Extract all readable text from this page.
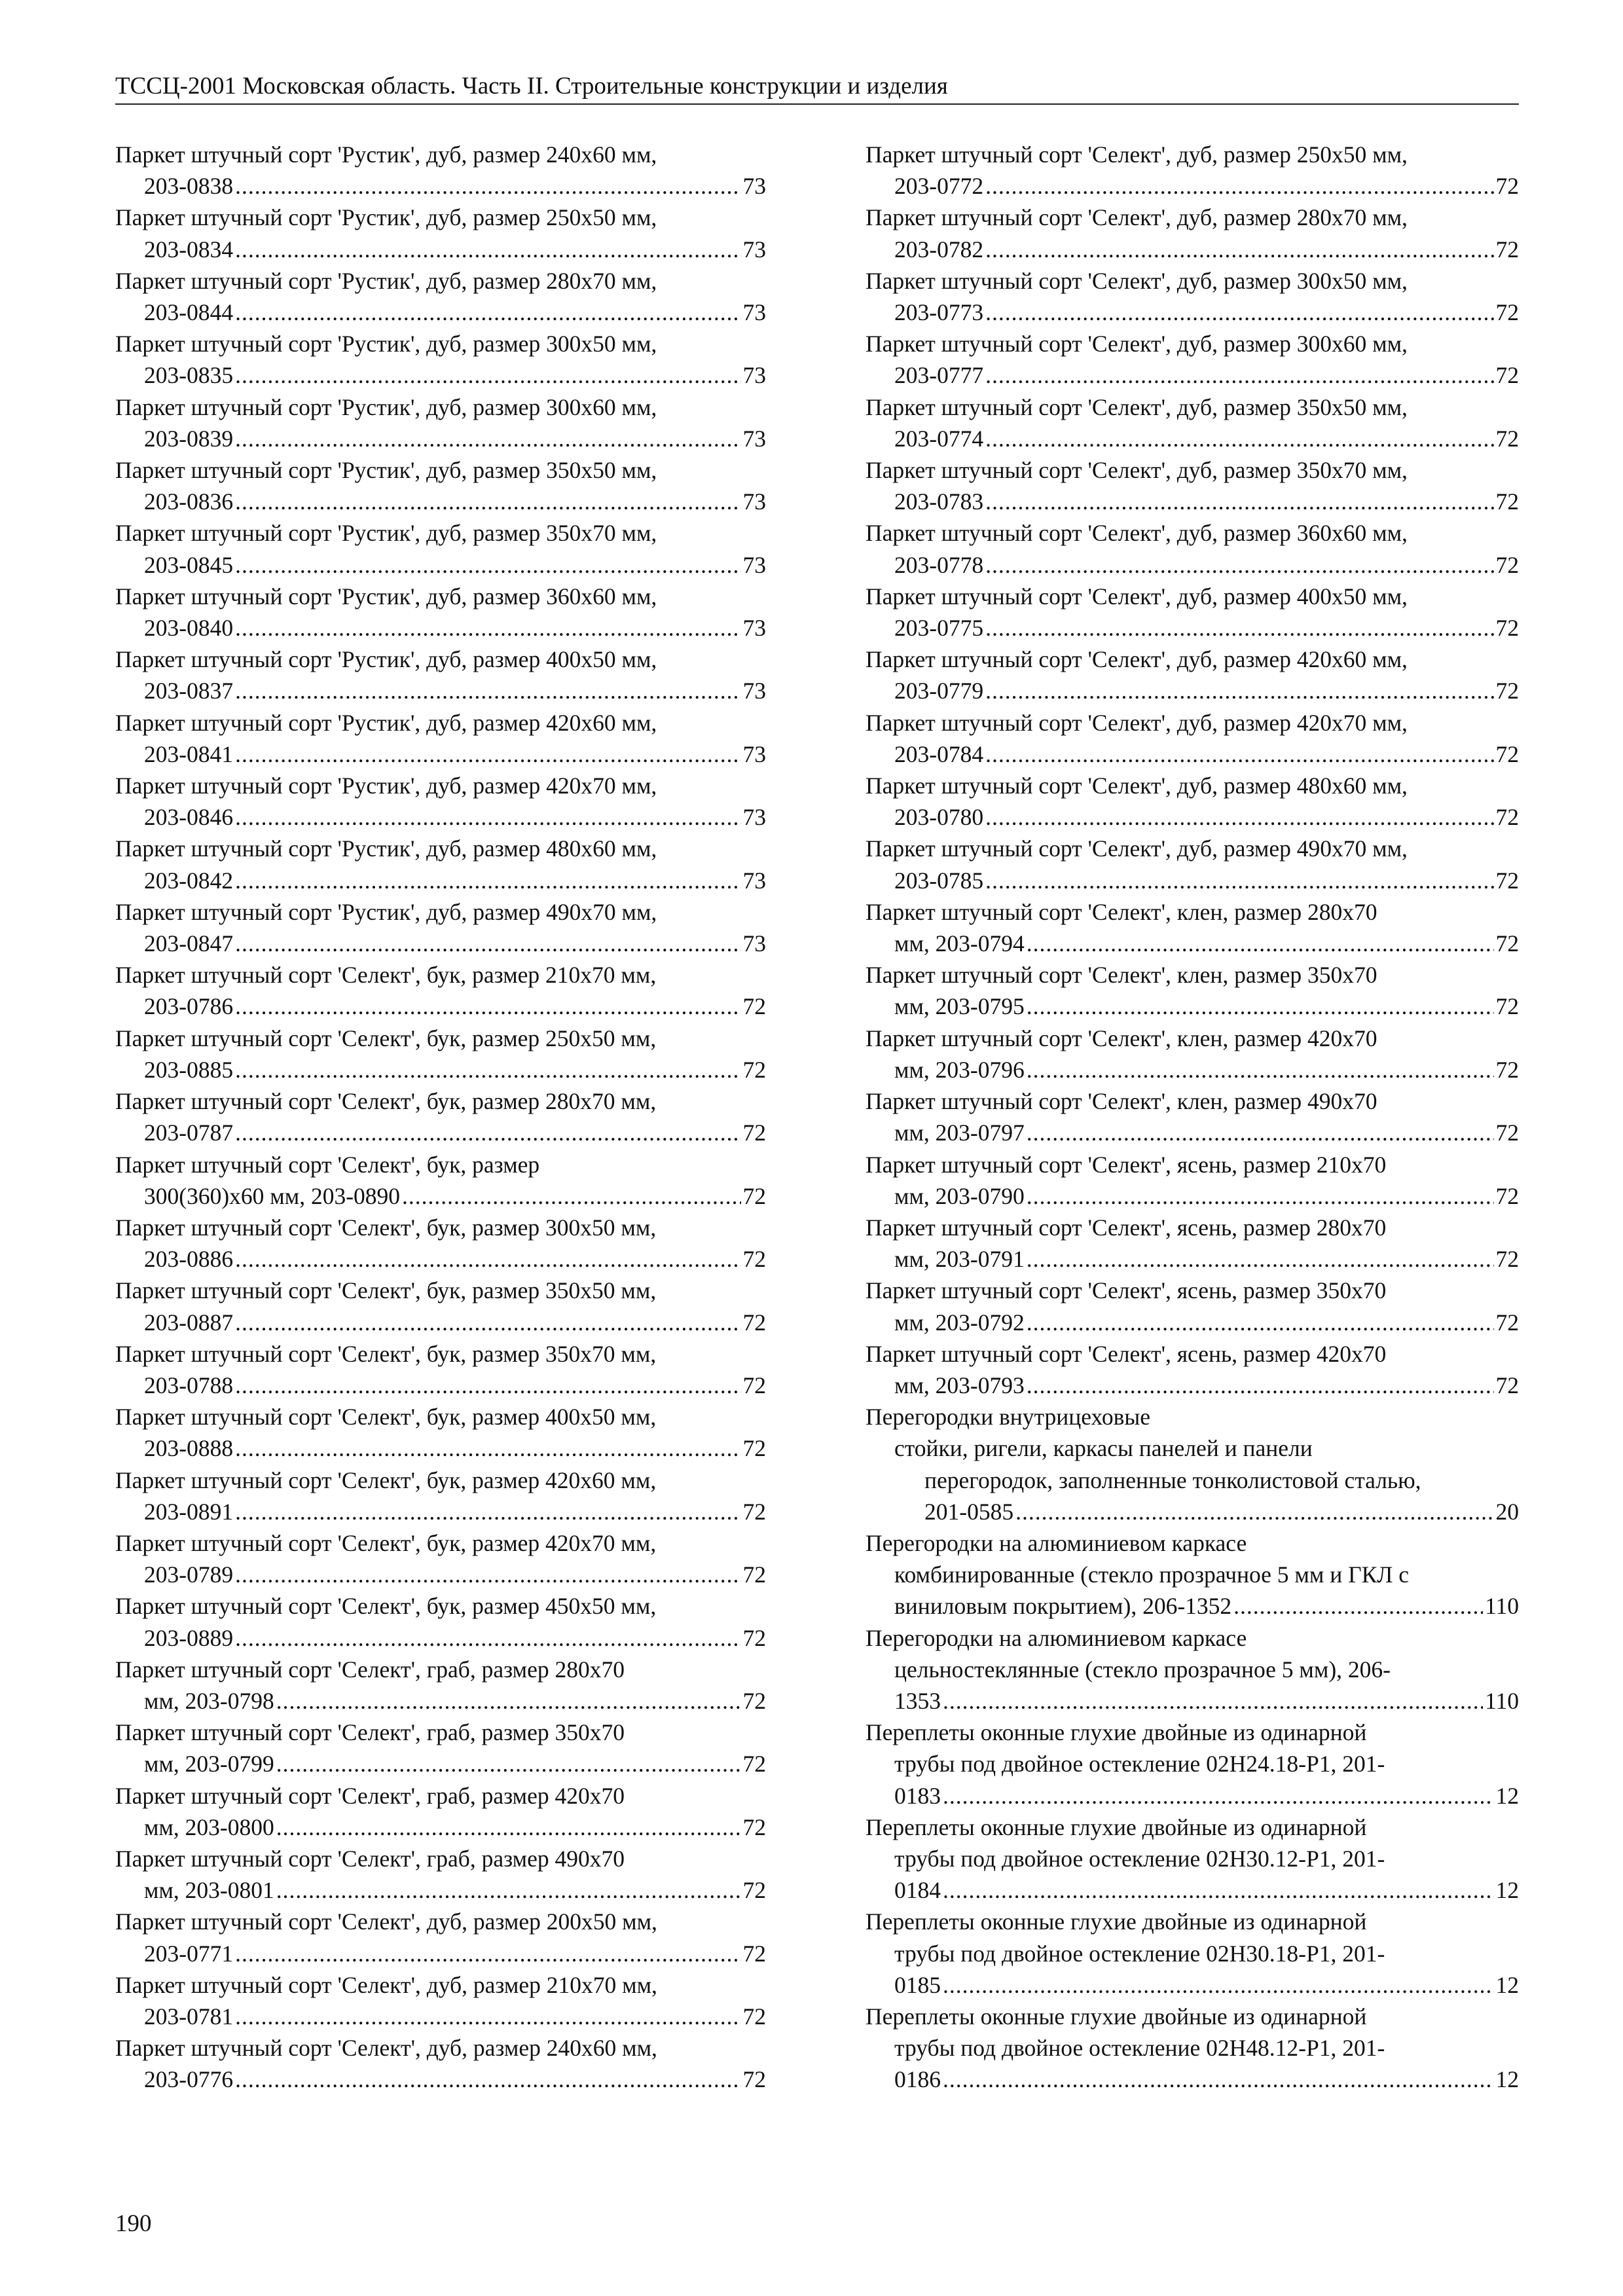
ТССЦ-2001 Московская область. Часть II. Строительные конструкции и изделия
Паркет штучный сорт 'Рустик', дуб, размер 240x60 мм,
203-0838 .....	73
Паркет штучный сорт 'Рустик', дуб, размер 250x50 мм,
203-0834 .....	73
Паркет штучный сорт 'Рустик', дуб, размер 280x70 мм,
203-0844 .....	73
Паркет штучный сорт 'Рустик', дуб, размер 300x50 мм,
203-0835 .....	73
Паркет штучный сорт 'Рустик', дуб, размер 300x60 мм,
203-0839 .....	73
Паркет штучный сорт 'Рустик', дуб, размер 350x50 мм,
203-0836 .....	73
Паркет штучный сорт 'Рустик', дуб, размер 350x70 мм,
203-0845 .....	73
Паркет штучный сорт 'Рустик', дуб, размер 360x60 мм,
203-0840 .....	73
Паркет штучный сорт 'Рустик', дуб, размер 400x50 мм,
203-0837 .....	73
Паркет штучный сорт 'Рустик', дуб, размер 420x60 мм,
203-0841 .....	73
Паркет штучный сорт 'Рустик', дуб, размер 420x70 мм,
203-0846 .....	73
Паркет штучный сорт 'Рустик', дуб, размер 480x60 мм,
203-0842 .....	73
Паркет штучный сорт 'Рустик', дуб, размер 490x70 мм,
203-0847 .....	73
Паркет штучный сорт 'Селект', бук, размер 210x70 мм,
203-0786 .....	72
Паркет штучный сорт 'Селект', бук, размер 250x50 мм,
203-0885 .....	72
Паркет штучный сорт 'Селект', бук, размер 280x70 мм,
203-0787 .....	72
Паркет штучный сорт 'Селект', бук, размер
300(360)x60 мм, 203-0890 .....	72
Паркет штучный сорт 'Селект', бук, размер 300x50 мм,
203-0886 .....	72
Паркет штучный сорт 'Селект', бук, размер 350x50 мм,
203-0887 .....	72
Паркет штучный сорт 'Селект', бук, размер 350x70 мм,
203-0788 .....	72
Паркет штучный сорт 'Селект', бук, размер 400x50 мм,
203-0888 .....	72
Паркет штучный сорт 'Селект', бук, размер 420x60 мм,
203-0891 .....	72
Паркет штучный сорт 'Селект', бук, размер 420x70 мм,
203-0789 .....	72
Паркет штучный сорт 'Селект', бук, размер 450x50 мм,
203-0889 .....	72
Паркет штучный сорт 'Селект', граб, размер 280x70
мм, 203-0798 .....	72
Паркет штучный сорт 'Селект', граб, размер 350x70
мм, 203-0799 .....	72
Паркет штучный сорт 'Селект', граб, размер 420x70
мм, 203-0800 .....	72
Паркет штучный сорт 'Селект', граб, размер 490x70
мм, 203-0801 .....	72
Паркет штучный сорт 'Селект', дуб, размер 200x50 мм,
203-0771 .....	72
Паркет штучный сорт 'Селект', дуб, размер 210x70 мм,
203-0781 .....	72
Паркет штучный сорт 'Селект', дуб, размер 240x60 мм,
203-0776 .....	72
Паркет штучный сорт 'Селект', дуб, размер 250x50 мм,
203-0772 .....	72
Паркет штучный сорт 'Селект', дуб, размер 280x70 мм,
203-0782 .....	72
Паркет штучный сорт 'Селект', дуб, размер 300x50 мм,
203-0773 .....	72
Паркет штучный сорт 'Селект', дуб, размер 300x60 мм,
203-0777 .....	72
Паркет штучный сорт 'Селект', дуб, размер 350x50 мм,
203-0774 .....	72
Паркет штучный сорт 'Селект', дуб, размер 350x70 мм,
203-0783 .....	72
Паркет штучный сорт 'Селект', дуб, размер 360x60 мм,
203-0778 .....	72
Паркет штучный сорт 'Селект', дуб, размер 400x50 мм,
203-0775 .....	72
Паркет штучный сорт 'Селект', дуб, размер 420x60 мм,
203-0779 .....	72
Паркет штучный сорт 'Селект', дуб, размер 420x70 мм,
203-0784 .....	72
Паркет штучный сорт 'Селект', дуб, размер 480x60 мм,
203-0780 .....	72
Паркет штучный сорт 'Селект', дуб, размер 490x70 мм,
203-0785 .....	72
Паркет штучный сорт 'Селект', клен, размер 280x70
мм, 203-0794 .....	72
Паркет штучный сорт 'Селект', клен, размер 350x70
мм, 203-0795 .....	72
Паркет штучный сорт 'Селект', клен, размер 420x70
мм, 203-0796 .....	72
Паркет штучный сорт 'Селект', клен, размер 490x70
мм, 203-0797 .....	72
Паркет штучный сорт 'Селект', ясень, размер 210x70
мм, 203-0790 .....	72
Паркет штучный сорт 'Селект', ясень, размер 280x70
мм, 203-0791 .....	72
Паркет штучный сорт 'Селект', ясень, размер 350x70
мм, 203-0792 .....	72
Паркет штучный сорт 'Селект', ясень, размер 420x70
мм, 203-0793 .....	72
Перегородки внутрицеховые
стойки, ригели, каркасы панелей и панели
перегородок, заполненные тонколистовой сталью,
201-0585 .....	20
Перегородки на алюминиевом каркасе
комбинированные (стекло прозрачное 5 мм и ГКЛ с
виниловым покрытием), 206-1352 .....	110
Перегородки на алюминиевом каркасе
цельностеклянные (стекло прозрачное 5 мм), 206-
1353 .....	110
Переплеты оконные глухие двойные из одинарной
трубы под двойное остекление 02Н24.18-Р1, 201-
0183 .....	12
Переплеты оконные глухие двойные из одинарной
трубы под двойное остекление 02Н30.12-Р1, 201-
0184 .....	12
Переплеты оконные глухие двойные из одинарной
трубы под двойное остекление 02Н30.18-Р1, 201-
0185 .....	12
Переплеты оконные глухие двойные из одинарной
трубы под двойное остекление 02Н48.12-Р1, 201-
0186 .....	12
190
